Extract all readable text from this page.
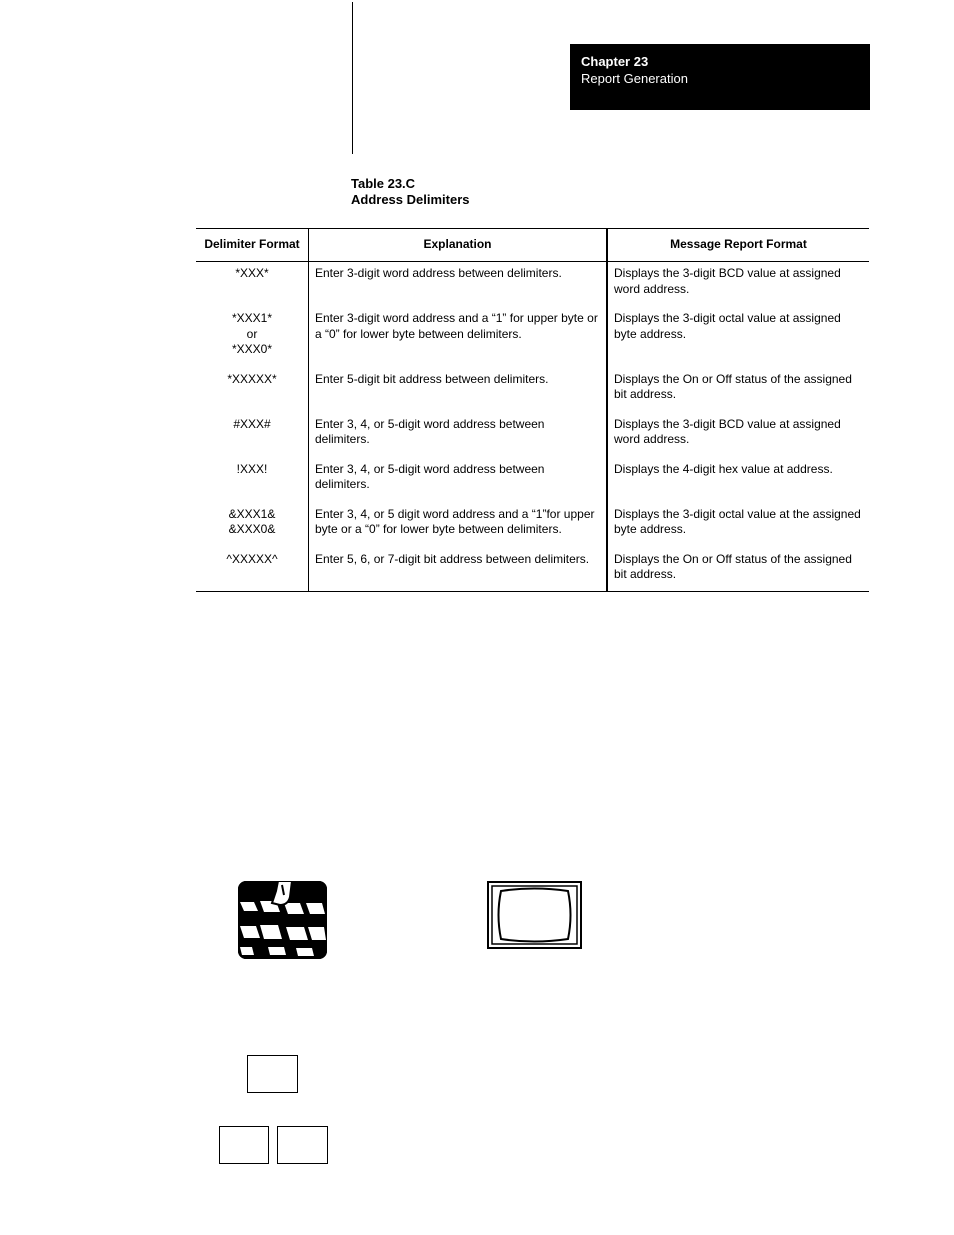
Chapter 23
Report Generation
Table 23.C
Address Delimiters
Delimiter Format	Explanation	Message Report Format

*XXX*	Enter 3-digit word address between delimiters.	Displays the 3-digit BCD value at assigned word address.

*XXX1*
or
*XXX0*	Enter 3-digit word address and a “1” for upper byte or a “0” for lower byte between delimiters.	Displays the 3-digit octal value at assigned byte address.

*XXXXX*	Enter 5-digit bit address between delimiters.	Displays the On or Off status of the assigned bit address.

#XXX#	Enter 3, 4, or 5-digit word address between delimiters.	Displays the 3-digit BCD value at assigned word address.

!XXX!	Enter 3, 4, or 5-digit word address between delimiters.	Displays the 4-digit hex value at address.

&XXX1&
&XXX0&	Enter 3, 4, or 5 digit word address and a “1”for upper byte or a “0” for lower byte between delimiters.	Displays the 3-digit octal value at the assigned byte address.

^XXXXX^	Enter 5, 6, or 7-digit bit address between delimiters.	Displays the On or Off status of the assigned bit address.
